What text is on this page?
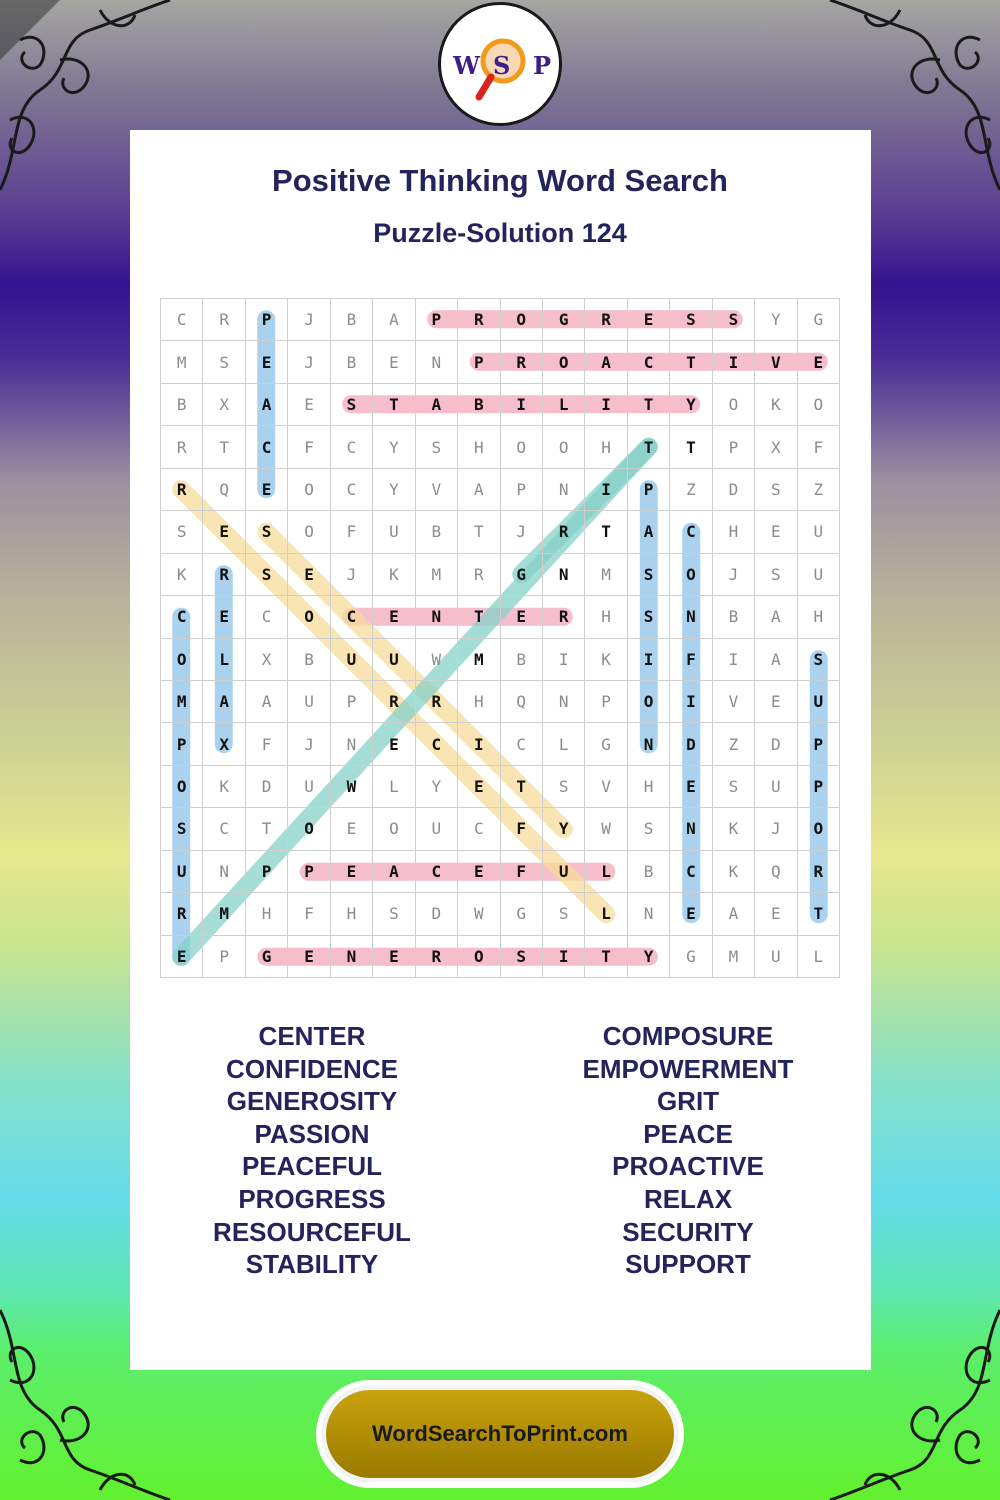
W S P
Positive Thinking Word Search
Puzzle-Solution 124
C	R	P	J	B	A	P	R	O	G	R	E	S	S	Y	G
M	S	E	J	B	E	N	P	R	O	A	C	T	I	V	E
B	X	A	E	S	T	A	B	I	L	I	T	Y	O	K	O
R	T	C	F	C	Y	S	H	O	O	H	T	T	P	X	F
R	Q	E	O	C	Y	V	A	P	N	I	P	Z	D	S	Z
S	E	S	O	F	U	B	T	J	R	T	A	C	H	E	U
K	R	S	E	J	K	M	R	G	N	M	S	O	J	S	U
C	E	C	O	C	E	N	T	E	R	H	S	N	B	A	H
O	L	X	B	U	U	W	M	B	I	K	I	F	I	A	S
M	A	A	U	P	R	R	H	Q	N	P	O	I	V	E	U
P	X	F	J	N	E	C	I	C	L	G	N	D	Z	D	P
O	K	D	U	W	L	Y	E	T	S	V	H	E	S	U	P
S	C	T	O	E	O	U	C	F	Y	W	S	N	K	J	O
U	N	P	P	E	A	C	E	F	U	L	B	C	K	Q	R
R	M	H	F	H	S	D	W	G	S	L	N	E	A	E	T
E	P	G	E	N	E	R	O	S	I	T	Y	G	M	U	L
CENTER
CONFIDENCE
GENEROSITY
PASSION
PEACEFUL
PROGRESS
RESOURCEFUL
STABILITY
COMPOSURE
EMPOWERMENT
GRIT
PEACE
PROACTIVE
RELAX
SECURITY
SUPPORT
WordSearchToPrint.com
